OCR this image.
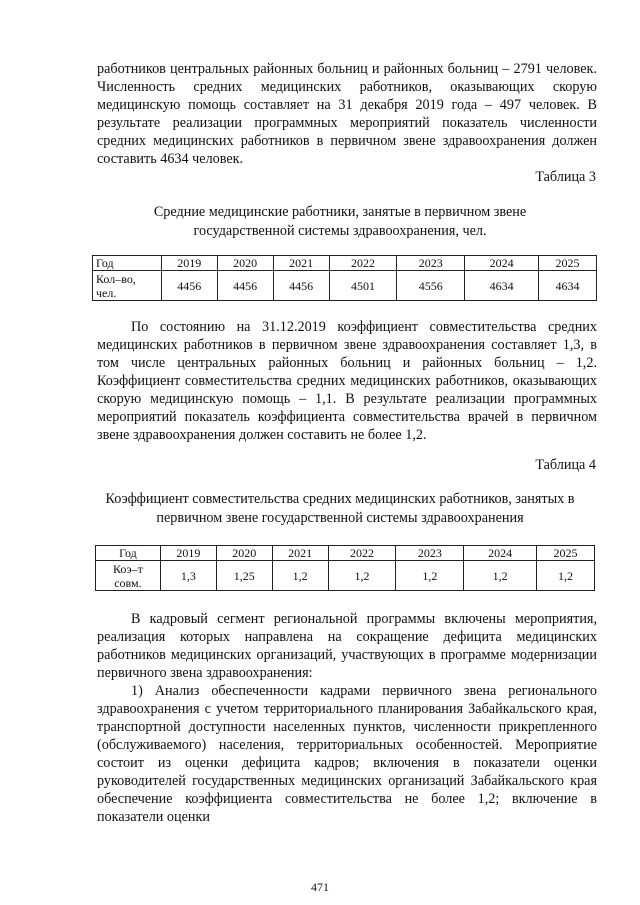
работников центральных районных больниц и районных больниц – 2791 человек. Численность средних медицинских работников, оказывающих скорую медицинскую помощь составляет на 31 декабря 2019 года – 497 человек. В результате реализации программных мероприятий показатель численности средних медицинских работников в первичном звене здравоохранения должен составить 4634 человек.

Таблица 3

Средние медицинские работники, занятые в первичном звене
государственной системы здравоохранения, чел.

Год	2019	2020	2021	2022	2023	2024	2025
Кол–во, чел.	4456	4456	4456	4501	4556	4634	4634

По состоянию на 31.12.2019 коэффициент совместительства средних медицинских работников в первичном звене здравоохранения составляет 1,3, в том числе центральных районных больниц и районных больниц – 1,2. Коэффициент совместительства средних медицинских работников, оказывающих скорую медицинскую помощь – 1,1. В результате реализации программных мероприятий показатель коэффициента совместительства врачей в первичном звене здравоохранения должен составить не более 1,2.

Таблица 4

Коэффициент совместительства средних медицинских работников, занятых в
первичном звене государственной системы здравоохранения

Год	2019	2020	2021	2022	2023	2024	2025
Коэ–т совм.	1,3	1,25	1,2	1,2	1,2	1,2	1,2

В кадровый сегмент региональной программы включены мероприятия, реализация которых направлена на сокращение дефицита медицинских работников медицинских организаций, участвующих в программе модернизации первичного звена здравоохранения:

1) Анализ обеспеченности кадрами первичного звена регионального здравоохранения с учетом территориального планирования Забайкальского края, транспортной доступности населенных пунктов, численности прикрепленного (обслуживаемого) населения, территориальных особенностей. Мероприятие состоит из оценки дефицита кадров; включения в показатели оценки руководителей государственных медицинских организаций Забайкальского края обеспечение коэффициента совместительства не более 1,2; включение в показатели оценки

471
